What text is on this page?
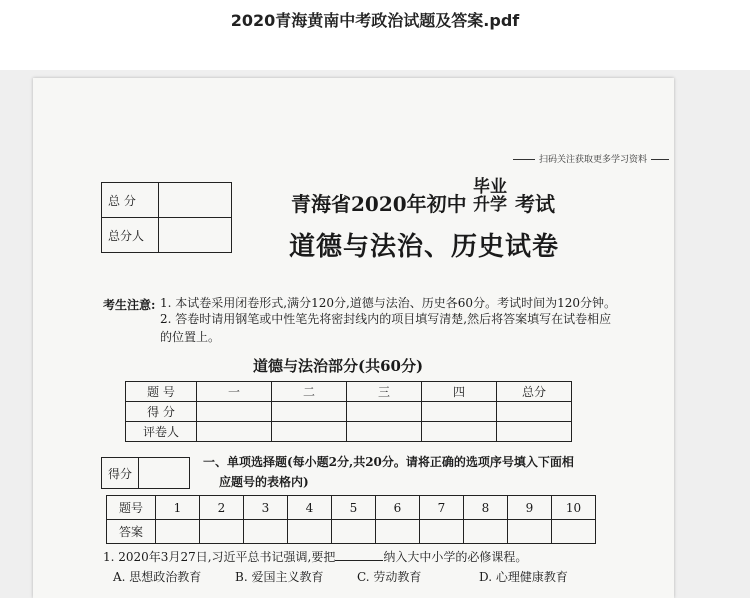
2020青海黄南中考政治试题及答案.pdf
扫码关注获取更多学习资料
总 分	
总分人	
青海省2020年初中
毕业
升学 考试
道德与法治、历史试卷
考生注意: 1. 本试卷采用闭卷形式,满分120分,道德与法治、历史各60分。考试时间为120分钟。
2. 答卷时请用钢笔或中性笔先将密封线内的项目填写清楚,然后将答案填写在试卷相应的位置上。
道德与法治部分(共60分)
题 号	一	二	三	四	总分
得 分					
评卷人					
得分	
一、单项选择题(每小题2分,共20分。请将正确的选项序号填入下面相
应题号的表格内)
题号	1	2	3	4	5	6	7	8	9	10
答案										
1. 2020年3月27日,习近平总书记强调,要把	纳入大中小学的必修课程。
A. 思想政治教育	B. 爱国主义教育	C. 劳动教育	D. 心理健康教育
